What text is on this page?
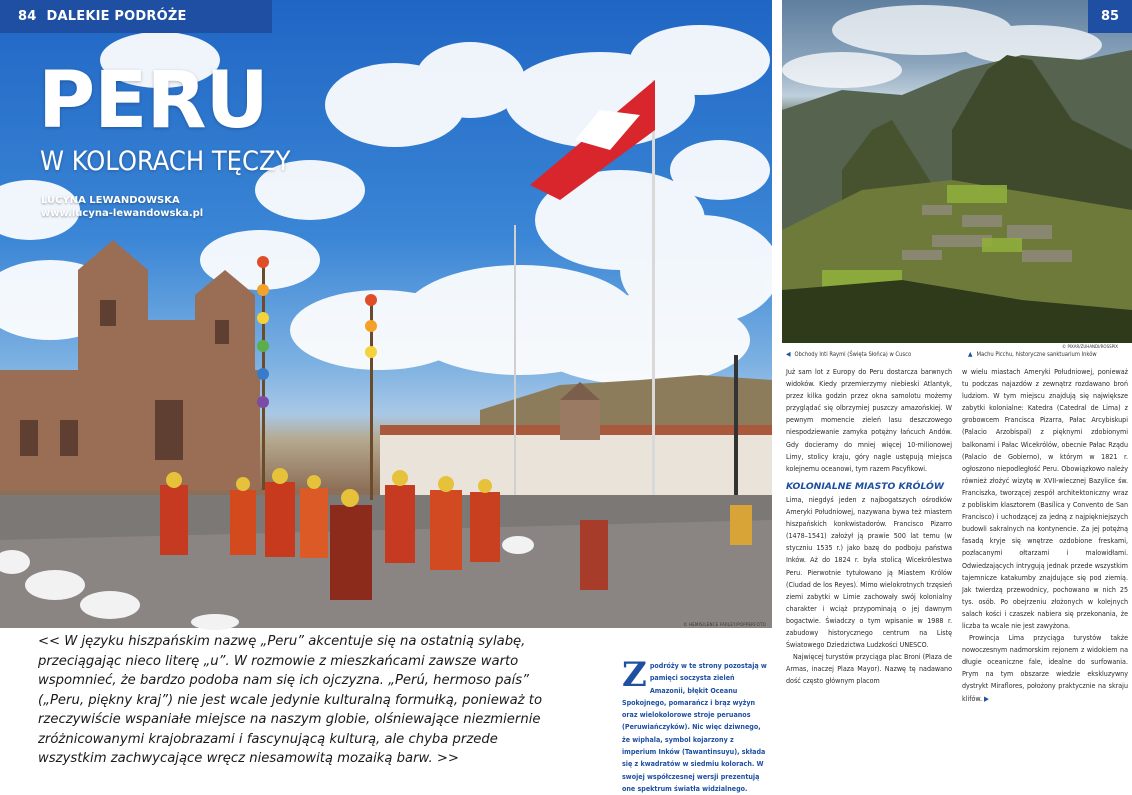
© HEMIS/LENCE FARLEY/POPPERFOTO
84 DALEKIE PODRÓŻE
PERU
W KOLORACH TĘCZY
LUCYNA LEWANDOWSKA
www.lucyna-lewandowska.pl
<< W języku hiszpańskim nazwę „Peru” akcentuje się na ostatnią sylabę, przeciągając nieco literę „u”. W rozmowie z mieszkańcami zawsze warto wspomnieć, że bardzo podoba nam się ich ojczyzna. „Perú, hermoso país” („Peru, piękny kraj”) nie jest wcale jedynie kulturalną formułką, ponieważ to rzeczywiście wspaniałe miejsce na naszym globie, olśniewające niezmiernie zróżnicowanymi krajobrazami i fascynującą kulturą, ale chyba przede wszystkim zachwycające wręcz niesamowitą mozaiką barw. >>
Zpodróży w te strony pozostają w pamięci soczysta zieleń Amazonii, błękit Oceanu Spokojnego, pomarańcz i brąz wyżyn oraz wielokolorowe stroje peruanos (Peruwiańczyków). Nic więc dziwnego, że wiphala, symbol kojarzony z imperium Inków (Tawantinsuyu), składa się z kwadratów w siedmiu kolorach. W swojej współczesnej wersji prezentują one spektrum światła widzialnego.
85
© PIXAR/ZUHANDI/ROSSPIX
◀ Obchody Inti Raymi (Święta Słońca) w Cusco	▲ Machu Picchu, historyczne sanktuarium Inków

Już sam lot z Europy do Peru dostarcza barwnych widoków. Kiedy przemierzymy niebieski Atlantyk, przez kilka godzin przez okna samolotu możemy przyglądać się olbrzymiej puszczy amazońskiej. W pewnym momencie zieleń lasu deszczowego niespodziewanie zamyka potężny łańcuch Andów. Gdy docieramy do mniej więcej 10-milionowej Limy, stolicy kraju, góry nagle ustępują miejsca kolejnemu oceanowi, tym razem Pacyfikowi.

KOLONIALNE MIASTO KRÓLÓW

Lima, niegdyś jeden z najbogatszych ośrodków Ameryki Południowej, nazywana bywa też miastem hiszpańskich konkwistadorów. Francisco Pizarro (1478–1541) założył ją prawie 500 lat temu (w styczniu 1535 r.) jako bazę do podboju państwa Inków. Aż do 1824 r. była stolicą Wicekrólestwa Peru. Pierwotnie tytułowano ją Miastem Królów (Ciudad de los Reyes). Mimo wielokrotnych trzęsień ziemi zabytki w Limie zachowały swój kolonialny charakter i wciąż przypominają o jej dawnym bogactwie. Świadczy o tym wpisanie w 1988 r. zabudowy historycznego centrum na Listę Światowego Dziedzictwa Ludzkości UNESCO.

Najwięcej turystów przyciąga plac Broni (Plaza de Armas, inaczej Plaza Mayor). Nazwę tę nadawano dość często głównym placom

w wielu miastach Ameryki Południowej, ponieważ tu podczas najazdów z zewnątrz rozdawano broń ludziom. W tym miejscu znajdują się największe zabytki kolonialne: Katedra (Catedral de Lima) z grobowcem Francisca Pizarra, Pałac Arcybiskupi (Palacio Arzobispal) z pięknymi zdobionymi balkonami i Pałac Wicekrólów, obecnie Pałac Rządu (Palacio de Gobierno), w którym w 1821 r. ogłoszono niepodległość Peru. Obowiązkowo należy również złożyć wizytę w XVII-wiecznej Bazylice św. Franciszka, tworzącej zespół architektoniczny wraz z pobliskim klasztorem (Basílica y Convento de San Francisco) i uchodzącej za jedną z najpiękniejszych budowli sakralnych na kontynencie. Za jej potężną fasadą kryje się wnętrze ozdobione freskami, pozłacanymi ołtarzami i malowidłami. Odwiedzających intrygują jednak przede wszystkim tajemnicze katakumby znajdujące się pod ziemią. Jak twierdzą przewodnicy, pochowano w nich 25 tys. osób. Po obejrzeniu złożonych w kolejnych salach kości i czaszek nabiera się przekonania, że liczba ta wcale nie jest zawyżona.

Prowincja Lima przyciąga turystów także nowoczesnym nadmorskim rejonem z widokiem na długie oceaniczne fale, idealne do surfowania. Prym na tym obszarze wiedzie ekskluzywny dystrykt Miraflores, położony praktycznie na skraju klifów. ▶
